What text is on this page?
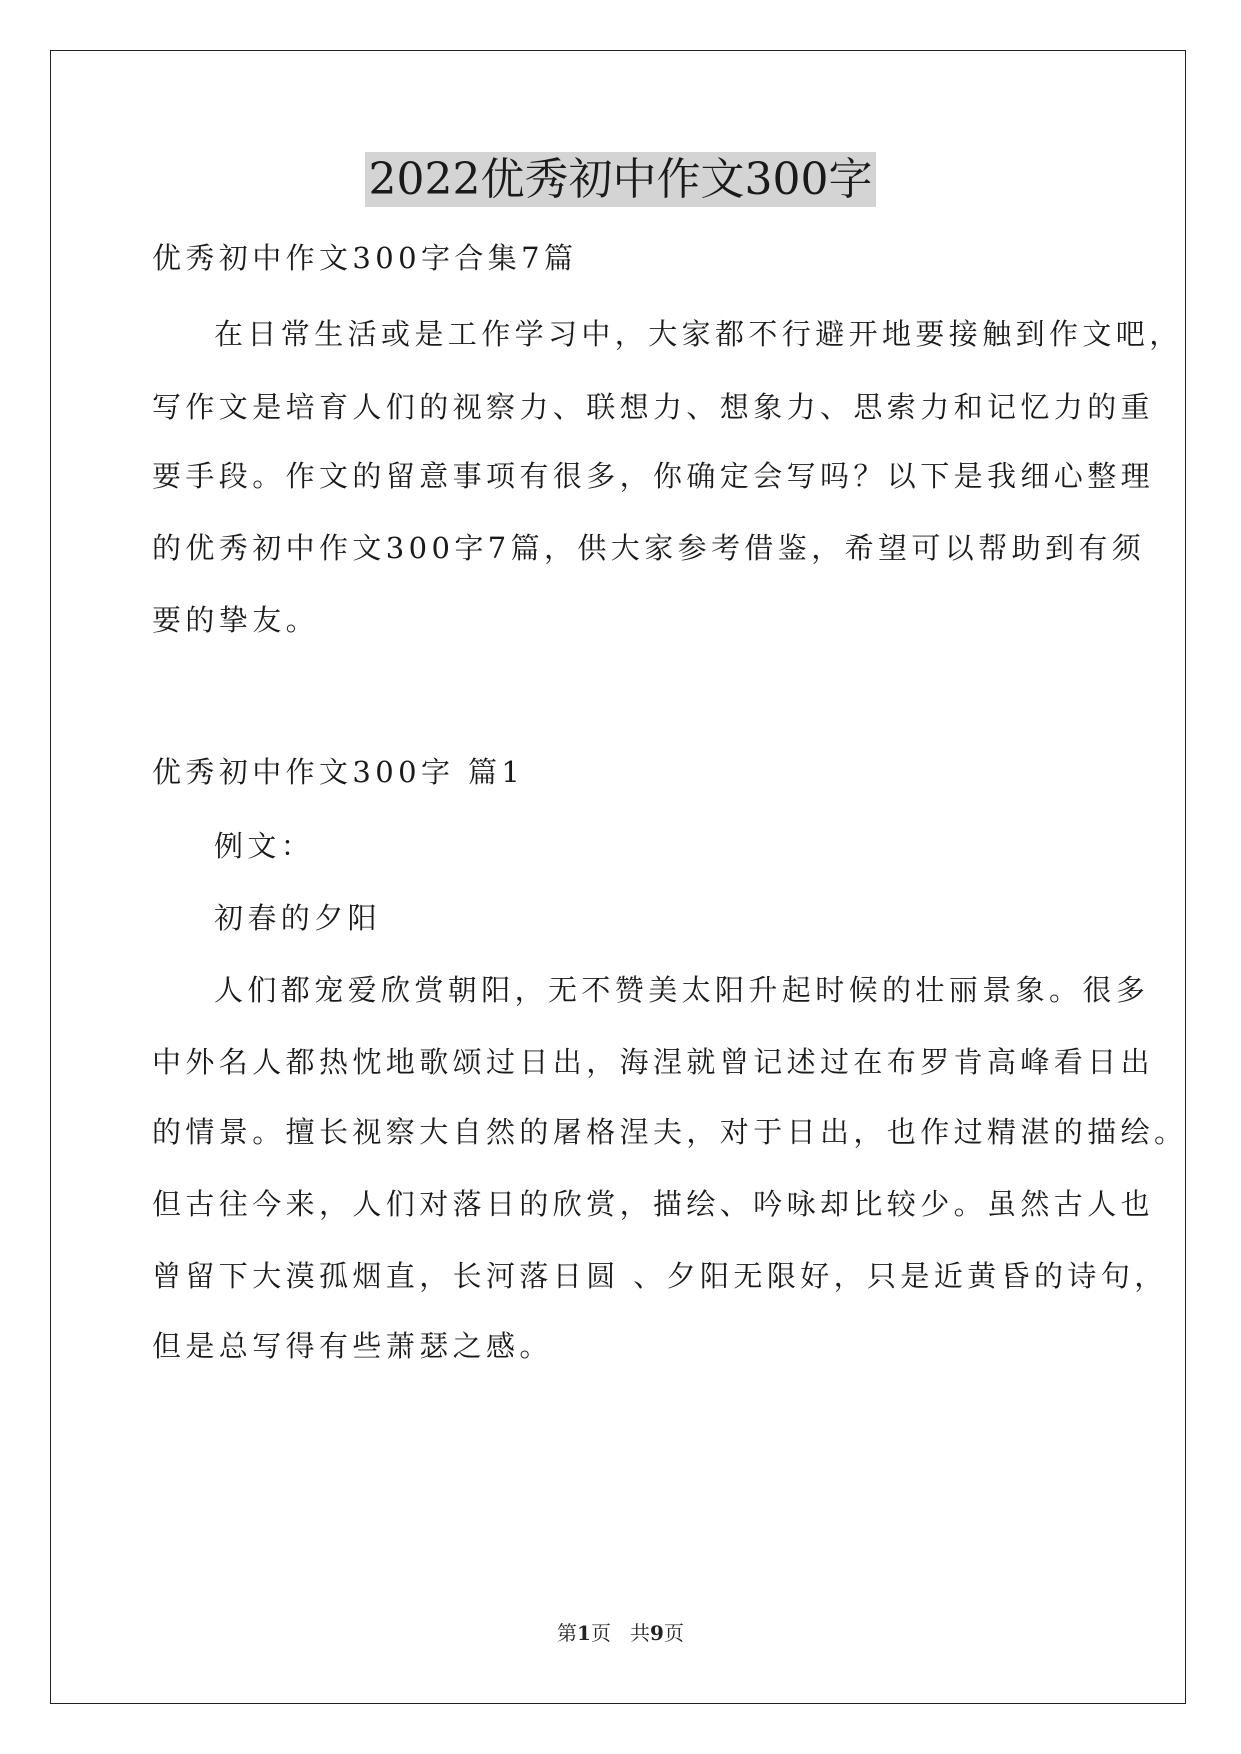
2022优秀初中作文300字
优秀初中作文300字合集7篇
在日常生活或是工作学习中，大家都不行避开地要接触到作文吧，
写作文是培育人们的视察力、联想力、想象力、思索力和记忆力的重
要手段。作文的留意事项有很多，你确定会写吗？以下是我细心整理
的优秀初中作文300字7篇，供大家参考借鉴，希望可以帮助到有须
要的挚友。
优秀初中作文300字 篇1
例文：
初春的夕阳
人们都宠爱欣赏朝阳，无不赞美太阳升起时候的壮丽景象。很多
中外名人都热忱地歌颂过日出，海涅就曾记述过在布罗肯高峰看日出
的情景。擅长视察大自然的屠格涅夫，对于日出，也作过精湛的描绘。
但古往今来，人们对落日的欣赏，描绘、吟咏却比较少。虽然古人也
曾留下大漠孤烟直，长河落日圆 、夕阳无限好，只是近黄昏的诗句，
但是总写得有些萧瑟之感。
第1页   共9页
